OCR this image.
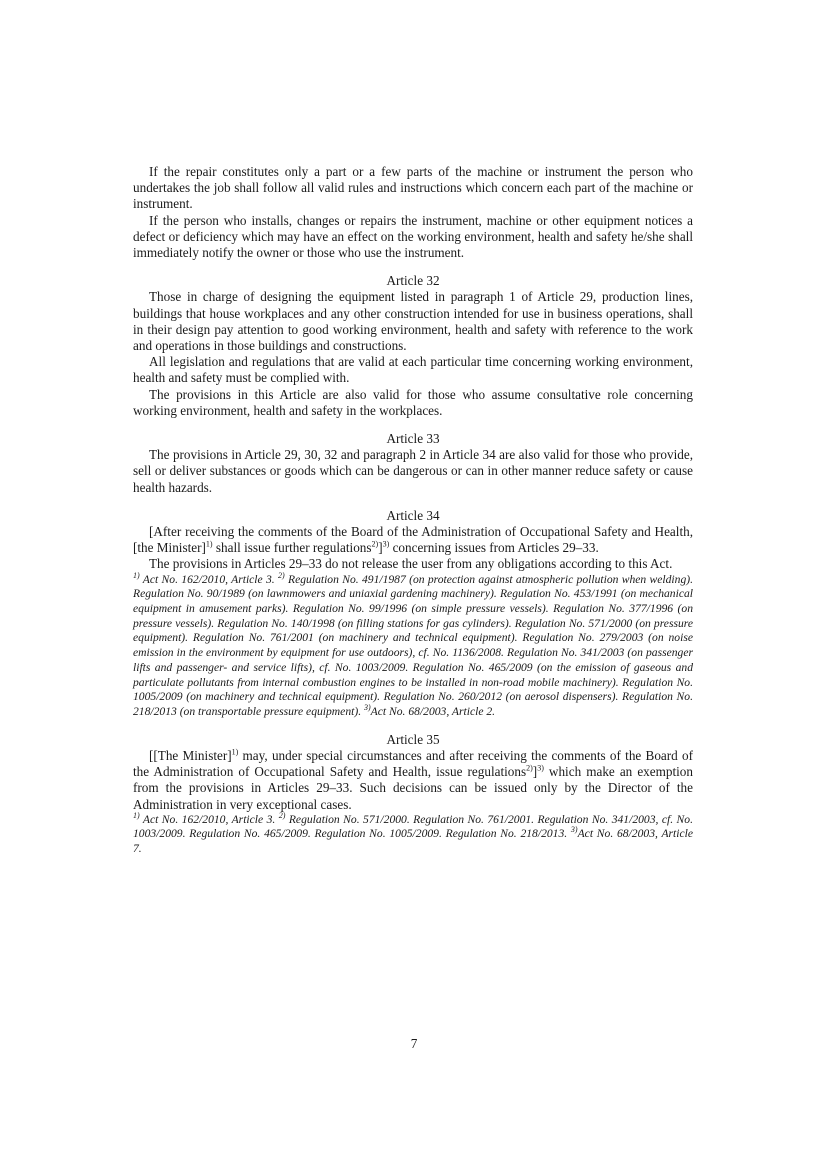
If the repair constitutes only a part or a few parts of the machine or instrument the person who undertakes the job shall follow all valid rules and instructions which concern each part of the machine or instrument.

If the person who installs, changes or repairs the instrument, machine or other equipment notices a defect or deficiency which may have an effect on the working environment, health and safety he/she shall immediately notify the owner or those who use the instrument.

Article 32

Those in charge of designing the equipment listed in paragraph 1 of Article 29, production lines, buildings that house workplaces and any other construction intended for use in business operations, shall in their design pay attention to good working environment, health and safety with reference to the work and operations in those buildings and constructions.

All legislation and regulations that are valid at each particular time concerning working environment, health and safety must be complied with.

The provisions in this Article are also valid for those who assume consultative role concerning working environment, health and safety in the workplaces.

Article 33

The provisions in Article 29, 30, 32 and paragraph 2 in Article 34 are also valid for those who provide, sell or deliver substances or goods which can be dangerous or can in other manner reduce safety or cause health hazards.

Article 34

[After receiving the comments of the Board of the Administration of Occupational Safety and Health, [the Minister]$^{1)}$ shall issue further regulations$^{2)}$]$^{3)}$ concerning issues from Articles 29–33.

The provisions in Articles 29–33 do not release the user from any obligations according to this Act.

$^{1)}$ Act No. 162/2010, Article 3. $^{2)}$ Regulation No. 491/1987 (on protection against atmospheric pollution when welding). Regulation No. 90/1989 (on lawnmowers and uniaxial gardening machinery). Regulation No. 453/1991 (on mechanical equipment in amusement parks). Regulation No. 99/1996 (on simple pressure vessels). Regulation No. 377/1996 (on pressure vessels). Regulation No. 140/1998 (on filling stations for gas cylinders). Regulation No. 571/2000 (on pressure equipment). Regulation No. 761/2001 (on machinery and technical equipment). Regulation No. 279/2003 (on noise emission in the environment by equipment for use outdoors), cf. No. 1136/2008. Regulation No. 341/2003 (on passenger lifts and passenger- and service lifts), cf. No. 1003/2009. Regulation No. 465/2009 (on the emission of gaseous and particulate pollutants from internal combustion engines to be installed in non-road mobile machinery). Regulation No. 1005/2009 (on machinery and technical equipment). Regulation No. 260/2012 (on aerosol dispensers). Regulation No. 218/2013 (on transportable pressure equipment). $^{3)}$Act No. 68/2003, Article 2.

Article 35

[[The Minister]$^{1)}$ may, under special circumstances and after receiving the comments of the Board of the Administration of Occupational Safety and Health, issue regulations$^{2)}$]$^{3)}$ which make an exemption from the provisions in Articles 29–33. Such decisions can be issued only by the Director of the Administration in very exceptional cases.

$^{1)}$ Act No. 162/2010, Article 3. $^{2)}$ Regulation No. 571/2000. Regulation No. 761/2001. Regulation No. 341/2003, cf. No. 1003/2009. Regulation No. 465/2009. Regulation No. 1005/2009. Regulation No. 218/2013. $^{3)}$Act No. 68/2003, Article 7.

7
